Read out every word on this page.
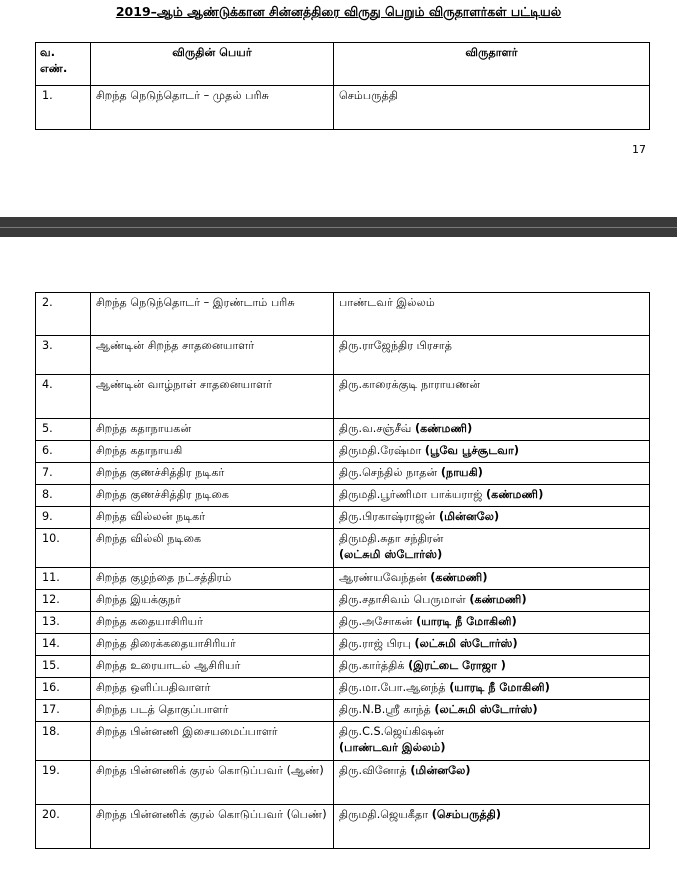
2019–ஆம் ஆண்டுக்கான சின்னத்திரை விருது பெறும் விருதாளர்கள் பட்டியல்
வ. எண்.	விருதின் பெயர்	விருதாளர்
1.	சிறந்த நெடுந்தொடர் – முதல் பரிசு	செம்பருத்தி
17
2.	சிறந்த நெடுந்தொடர் – இரண்டாம் பரிசு	பாண்டவர் இல்லம்
3.	ஆண்டின் சிறந்த சாதனையாளர்	திரு.ராஜேந்திர பிரசாத்
4.	ஆண்டின் வாழ்நாள் சாதனையாளர்	திரு.காரைக்குடி நாராயணன்
5.	சிறந்த கதாநாயகன்	திரு.வ.சஞ்சீவ் (கண்மணி)
6.	சிறந்த கதாநாயகி	திருமதி.ரேஷ்மா (பூவே பூச்சூடவா)
7.	சிறந்த குணச்சித்திர நடிகர்	திரு.செந்தில் நாதன் (நாயகி)
8.	சிறந்த குணச்சித்திர நடிகை	திருமதி.பூர்ணிமா பாக்யராஜ் (கண்மணி)
9.	சிறந்த வில்லன் நடிகர்	திரு.பிரகாஷ்ராஜன் (மின்னலே)
10.	சிறந்த வில்லி நடிகை	திருமதி.சுதா சந்திரன்
(லட்சுமி ஸ்டோர்ஸ்)
11.	சிறந்த குழந்தை நட்சத்திரம்	ஆரண்யவேந்தன் (கண்மணி)
12.	சிறந்த இயக்குநர்	திரு.சதாசிவம் பெருமாள் (கண்மணி)
13.	சிறந்த கதையாசிரியர்	திரு.அசோகன் (யாரடி நீ மோகினி)
14.	சிறந்த திரைக்கதையாசிரியர்	திரு.ராஜ் பிரபு (லட்சுமி ஸ்டோர்ஸ்)
15.	சிறந்த உரையாடல் ஆசிரியர்	திரு.கார்த்திக் (இரட்டை ரோஜா )
16.	சிறந்த ஒளிப்பதிவாளர்	திரு.மா.போ.ஆனந்த் (யாரடி நீ மோகினி)
17.	சிறந்த படத் தொகுப்பாளர்	திரு.N.B.ஸ்ரீ காந்த் (லட்சுமி ஸ்டோர்ஸ்)
18.	சிறந்த பின்னணி இசையமைப்பாளர்	திரு.C.S.ஜெய்கிஷன்
(பாண்டவர் இல்லம்)
19.	சிறந்த பின்னணிக் குரல் கொடுப்பவர் (ஆண்)	திரு.வினோத் (மின்னலே)
20.	சிறந்த பின்னணிக் குரல் கொடுப்பவர் (பெண்)	திருமதி.ஜெயகீதா (செம்பருத்தி)
